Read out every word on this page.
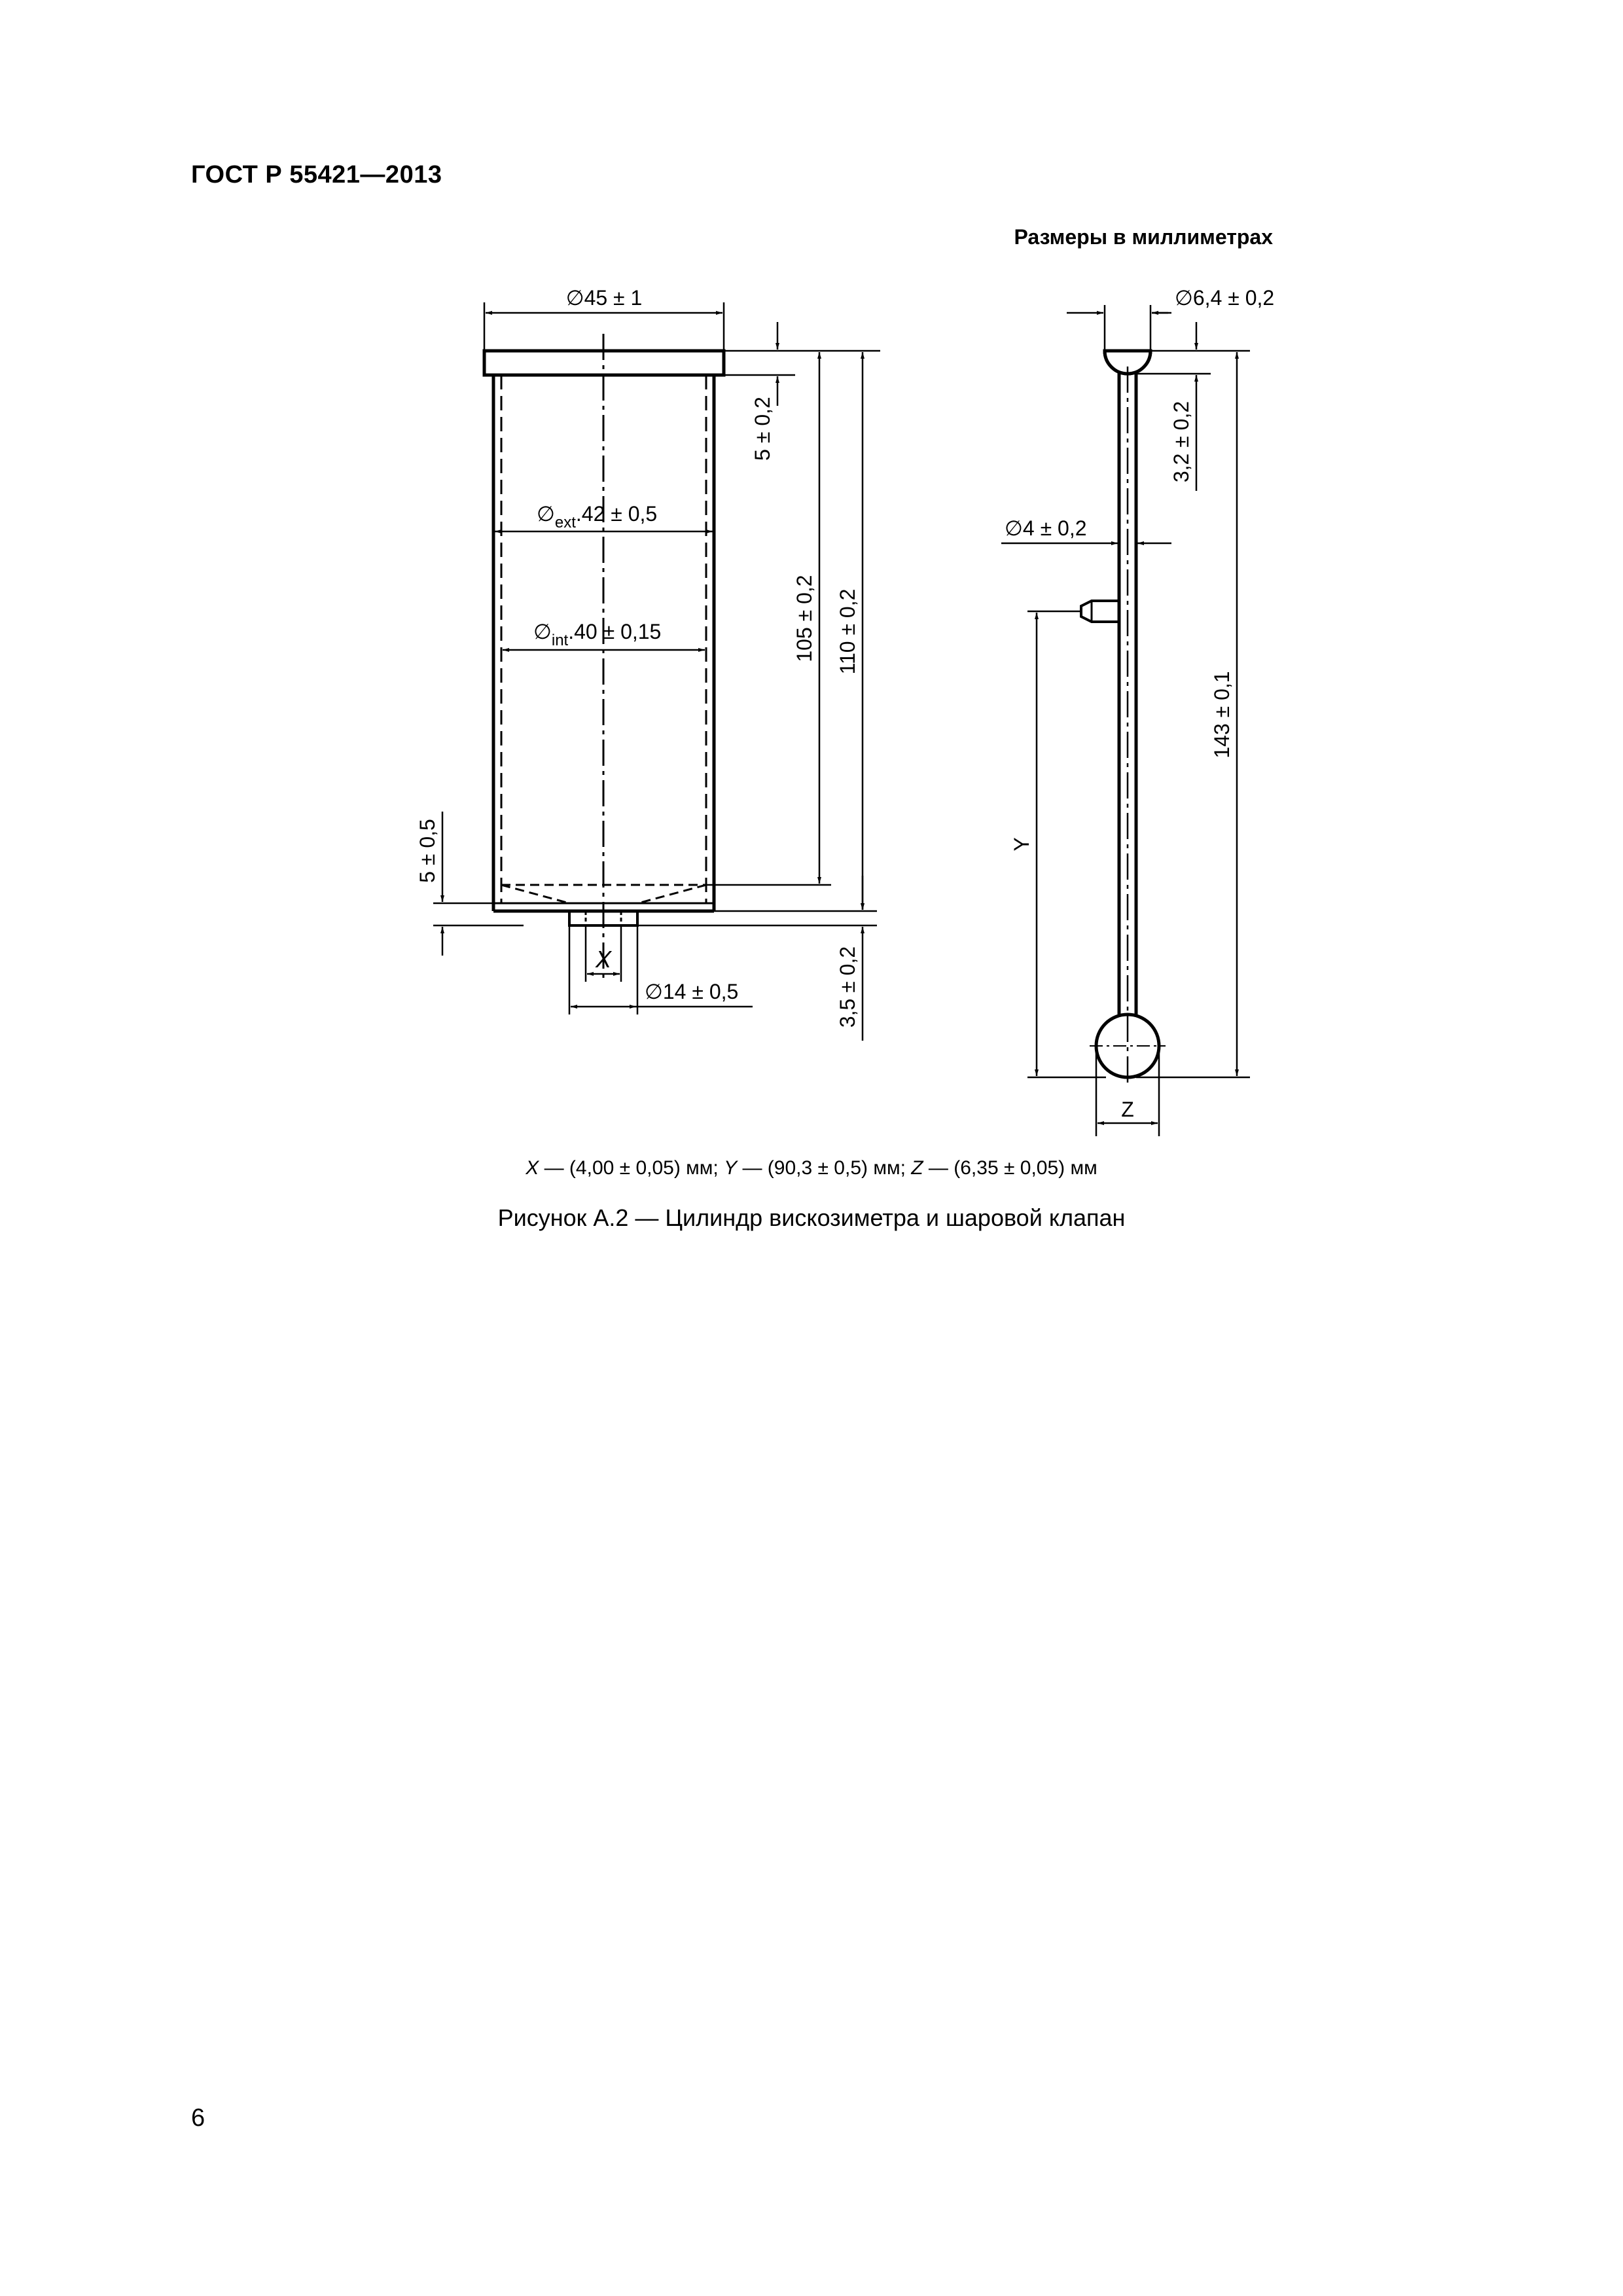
ГОСТ Р 55421—2013
Размеры в миллиметрах
∅45 ± 1
$\emptyset_{ext}.42 \pm 0,5$
$\emptyset_{int}.40 \pm 0,15$
5 ± 0,2
105 ± 0,2 110 ± 0,2
5 ± 0,5
3,5 ± 0,2
X
∅14 ± 0,5
∅6,4 ± 0,2
3,2 ± 0,2
∅4 ± 0,2
143 ± 0,1
Y
Z
X — (4,00 ± 0,05) мм; Y — (90,3 ± 0,5) мм; Z — (6,35 ± 0,05) мм
Рисунок А.2 — Цилиндр вискозиметра и шаровой клапан
6
